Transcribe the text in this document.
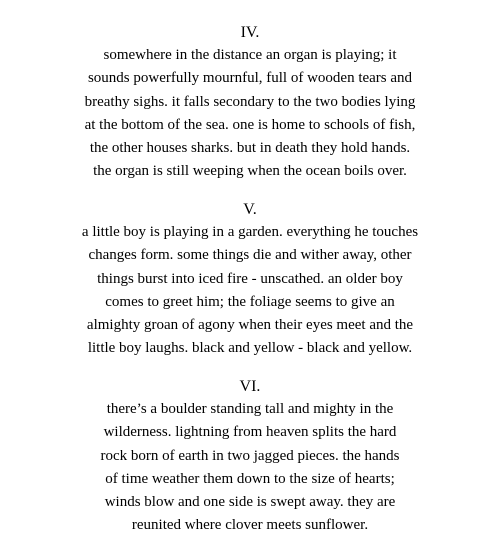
IV.
somewhere in the distance an organ is playing; it
sounds powerfully mournful, full of wooden tears and
breathy sighs. it falls secondary to the two bodies lying
at the bottom of the sea. one is home to schools of fish,
the other houses sharks. but in death they hold hands.
the organ is still weeping when the ocean boils over.
V.
a little boy is playing in a garden. everything he touches
changes form. some things die and wither away, other
things burst into iced fire - unscathed. an older boy
comes to greet him; the foliage seems to give an
almighty groan of agony when their eyes meet and the
little boy laughs. black and yellow - black and yellow.
VI.
there’s a boulder standing tall and mighty in the
wilderness. lightning from heaven splits the hard
rock born of earth in two jagged pieces. the hands
of time weather them down to the size of hearts;
winds blow and one side is swept away. they are
reunited where clover meets sunflower.
